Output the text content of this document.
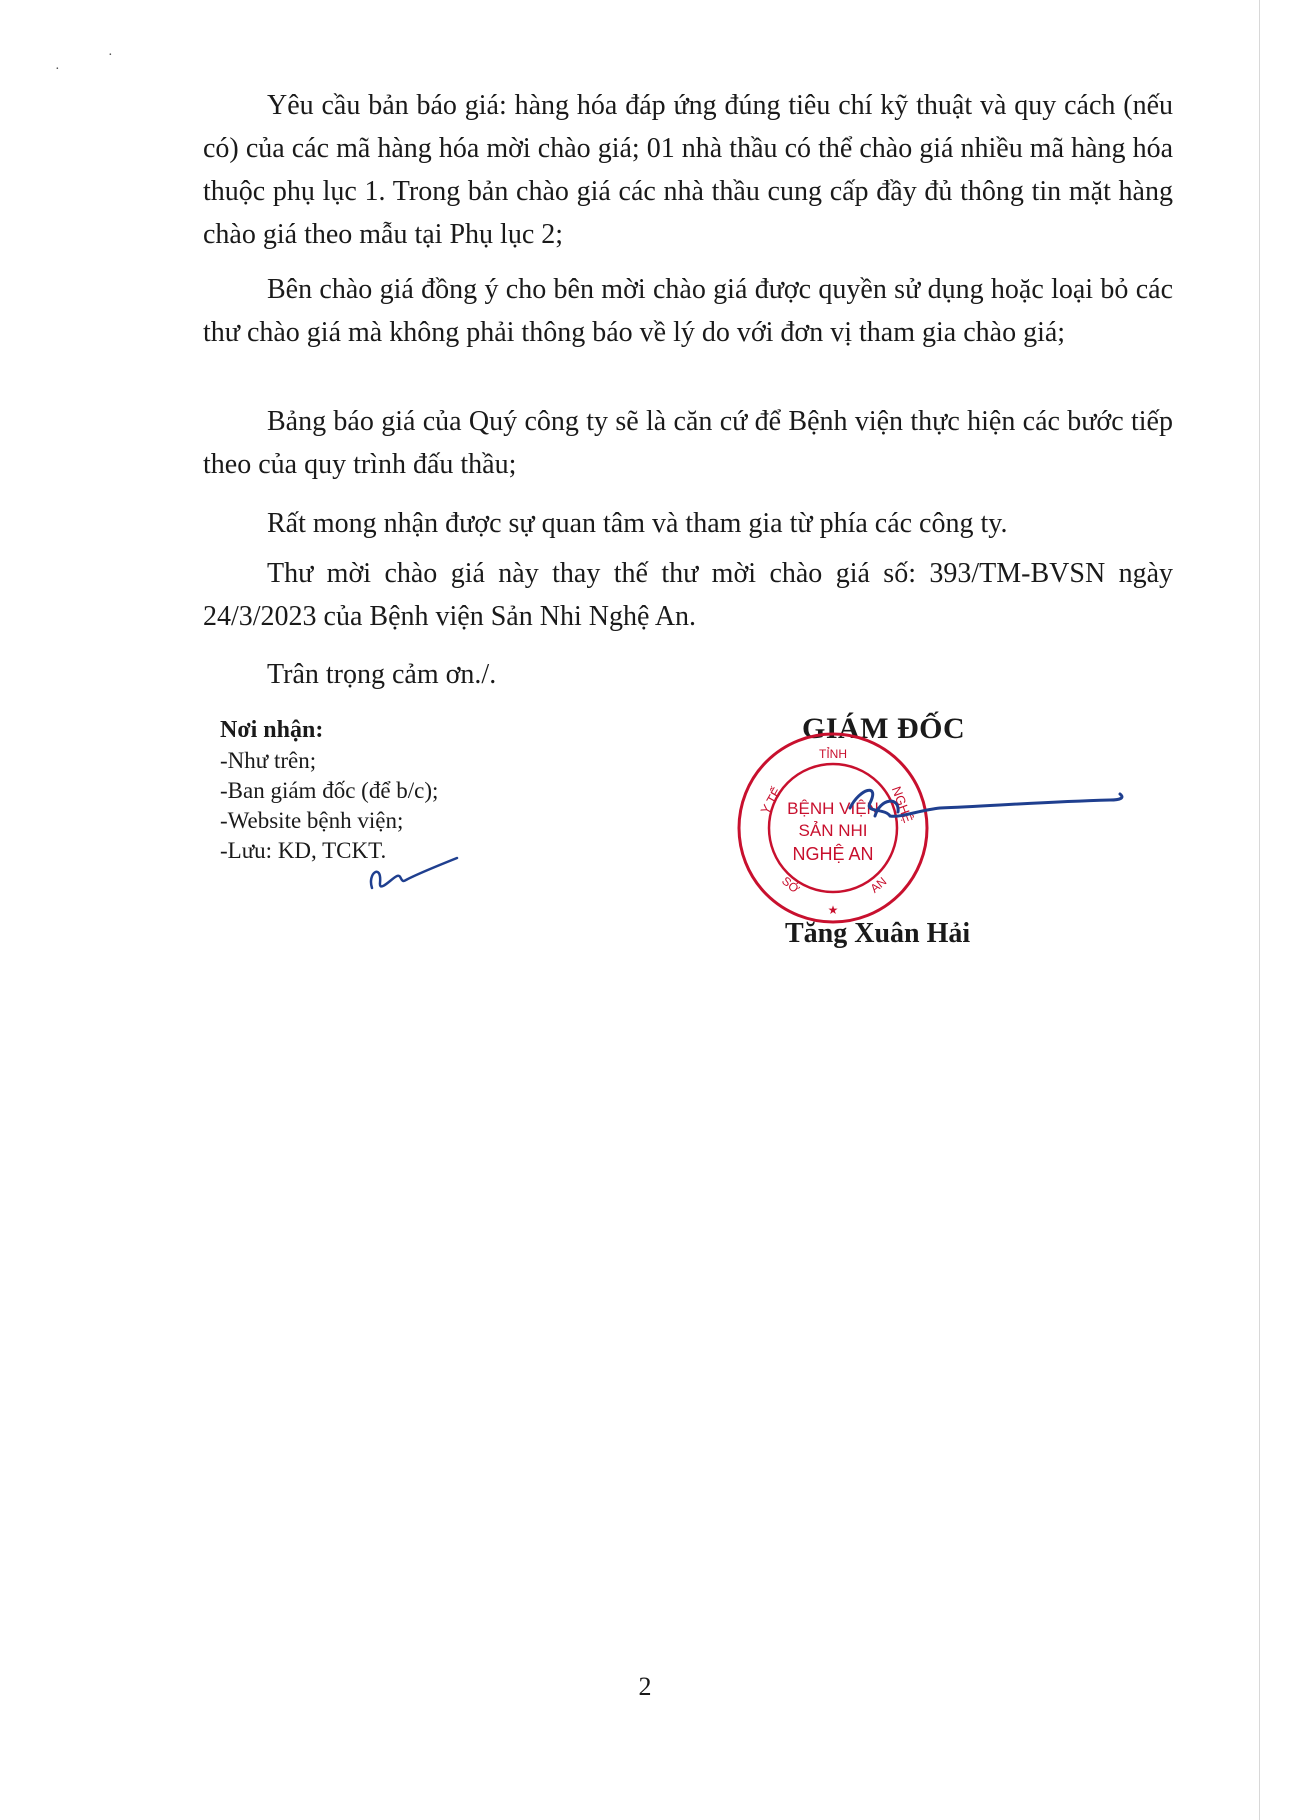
·
·

Yêu cầu bản báo giá: hàng hóa đáp ứng đúng tiêu chí kỹ thuật và quy cách (nếu có) của các mã hàng hóa mời chào giá; 01 nhà thầu có thể chào giá nhiều mã hàng hóa thuộc phụ lục 1. Trong bản chào giá các nhà thầu cung cấp đầy đủ thông tin mặt hàng chào giá theo mẫu tại Phụ lục 2;

Bên chào giá đồng ý cho bên mời chào giá được quyền sử dụng hoặc loại bỏ các thư chào giá mà không phải thông báo về lý do với đơn vị tham gia chào giá;

Bảng báo giá của Quý công ty sẽ là căn cứ để Bệnh viện thực hiện các bước tiếp theo của quy trình đấu thầu;

Rất mong nhận được sự quan tâm và tham gia từ phía các công ty.

Thư mời chào giá này thay thế thư mời chào giá số: 393/TM-BVSN ngày 24/3/2023 của Bệnh viện Sản Nhi Nghệ An.

Trân trọng cảm ơn./.

Nơi nhận:
-Như trên;
-Ban giám đốc (để b/c);
-Website bệnh viện;
-Lưu: KD, TCKT.
GIÁM ĐỐC
TỈNH
Y TẾ	NGHỆ
SỞ	AN
BỆNH VIỆN
SẢN NHI
NGHỆ AN
★
Tăng Xuân Hải
2
